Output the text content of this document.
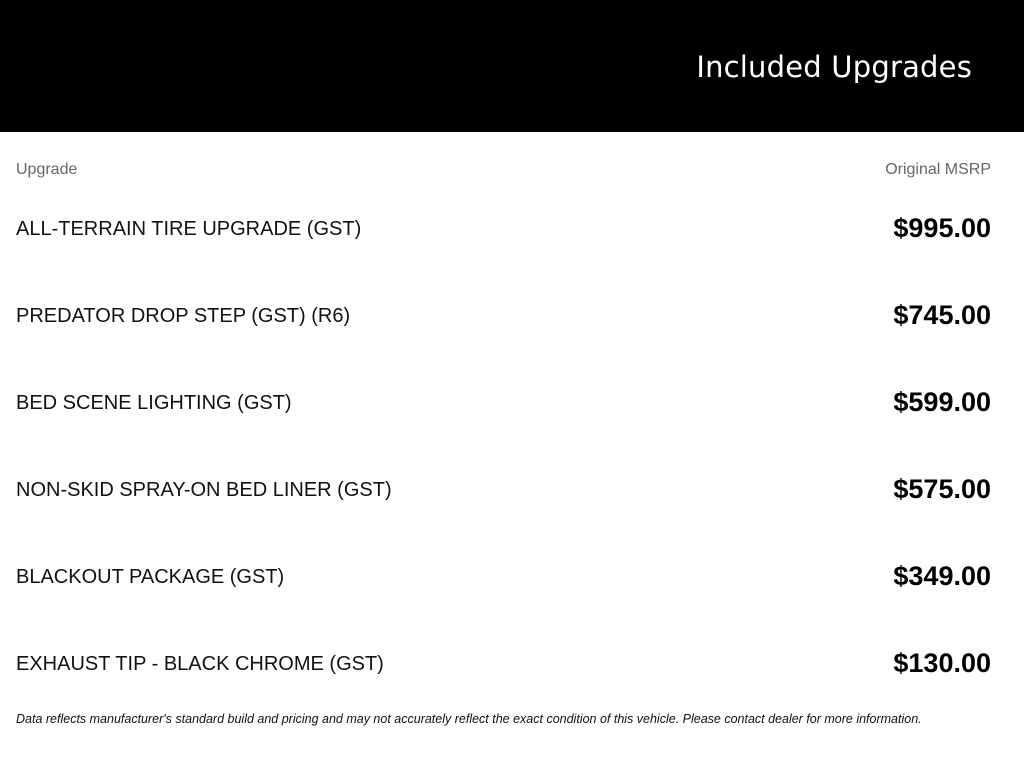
Included Upgrades
Upgrade	Original MSRP
ALL-TERRAIN TIRE UPGRADE (GST)	$995.00
PREDATOR DROP STEP (GST) (R6)	$745.00
BED SCENE LIGHTING (GST)	$599.00
NON-SKID SPRAY-ON BED LINER (GST)	$575.00
BLACKOUT PACKAGE (GST)	$349.00
EXHAUST TIP - BLACK CHROME (GST)	$130.00
Data reflects manufacturer's standard build and pricing and may not accurately reflect the exact condition of this vehicle. Please contact dealer for more information.
